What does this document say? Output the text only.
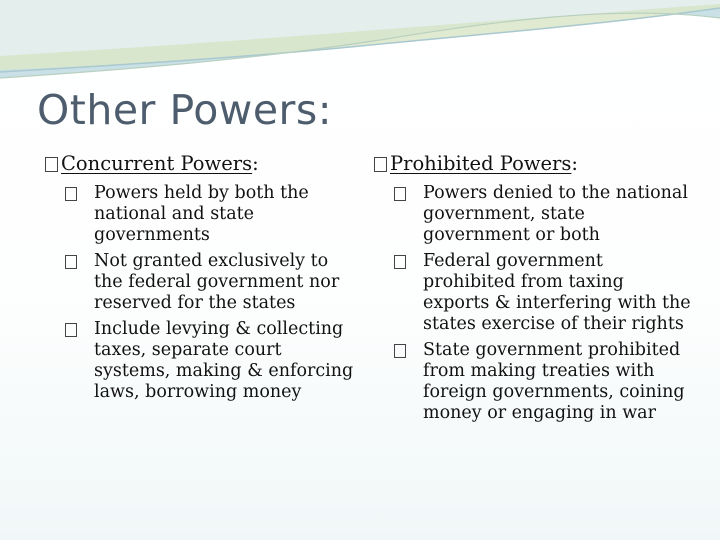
Other Powers:
Concurrent Powers :
Powers held by both the national and state governments
Not granted exclusively to the federal government nor reserved for the states
Include levying & collecting taxes, separate court systems, making & enforcing laws, borrowing money
Prohibited Powers :
Powers denied to the national government, state government or both
Federal government prohibited from taxing exports & interfering with the states exercise of their rights
State government prohibited from making treaties with foreign governments, coining money or engaging in war
